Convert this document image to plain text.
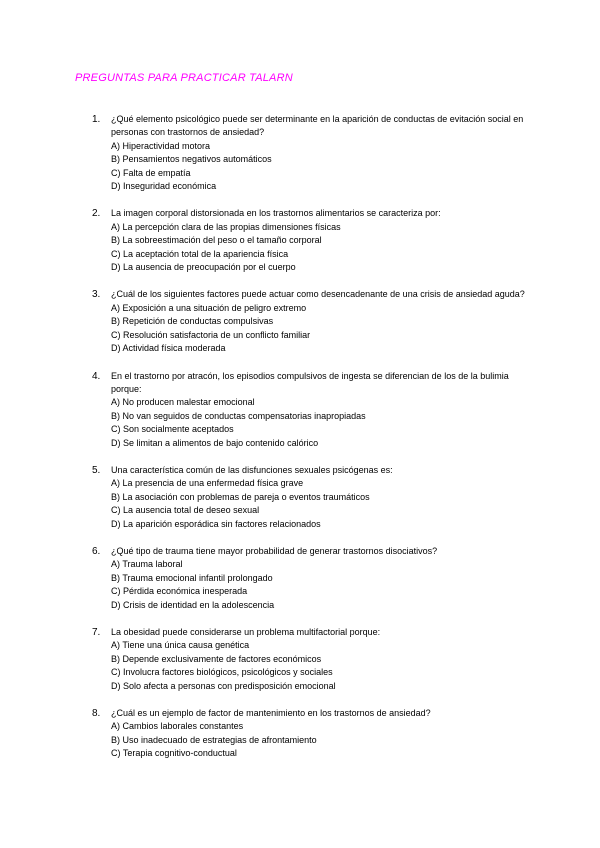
PREGUNTAS PARA PRACTICAR TALARN
1. ¿Qué elemento psicológico puede ser determinante en la aparición de conductas de evitación social en personas con trastornos de ansiedad?
A) Hiperactividad motora
B) Pensamientos negativos automáticos
C) Falta de empatía
D) Inseguridad económica
2. La imagen corporal distorsionada en los trastornos alimentarios se caracteriza por:
A) La percepción clara de las propias dimensiones físicas
B) La sobreestimación del peso o el tamaño corporal
C) La aceptación total de la apariencia física
D) La ausencia de preocupación por el cuerpo
3. ¿Cuál de los siguientes factores puede actuar como desencadenante de una crisis de ansiedad aguda?
A) Exposición a una situación de peligro extremo
B) Repetición de conductas compulsivas
C) Resolución satisfactoria de un conflicto familiar
D) Actividad física moderada
4. En el trastorno por atracón, los episodios compulsivos de ingesta se diferencian de los de la bulimia porque:
A) No producen malestar emocional
B) No van seguidos de conductas compensatorias inapropiadas
C) Son socialmente aceptados
D) Se limitan a alimentos de bajo contenido calórico
5. Una característica común de las disfunciones sexuales psicógenas es:
A) La presencia de una enfermedad física grave
B) La asociación con problemas de pareja o eventos traumáticos
C) La ausencia total de deseo sexual
D) La aparición esporádica sin factores relacionados
6. ¿Qué tipo de trauma tiene mayor probabilidad de generar trastornos disociativos?
A) Trauma laboral
B) Trauma emocional infantil prolongado
C) Pérdida económica inesperada
D) Crisis de identidad en la adolescencia
7. La obesidad puede considerarse un problema multifactorial porque:
A) Tiene una única causa genética
B) Depende exclusivamente de factores económicos
C) Involucra factores biológicos, psicológicos y sociales
D) Solo afecta a personas con predisposición emocional
8. ¿Cuál es un ejemplo de factor de mantenimiento en los trastornos de ansiedad?
A) Cambios laborales constantes
B) Uso inadecuado de estrategias de afrontamiento
C) Terapia cognitivo-conductual
